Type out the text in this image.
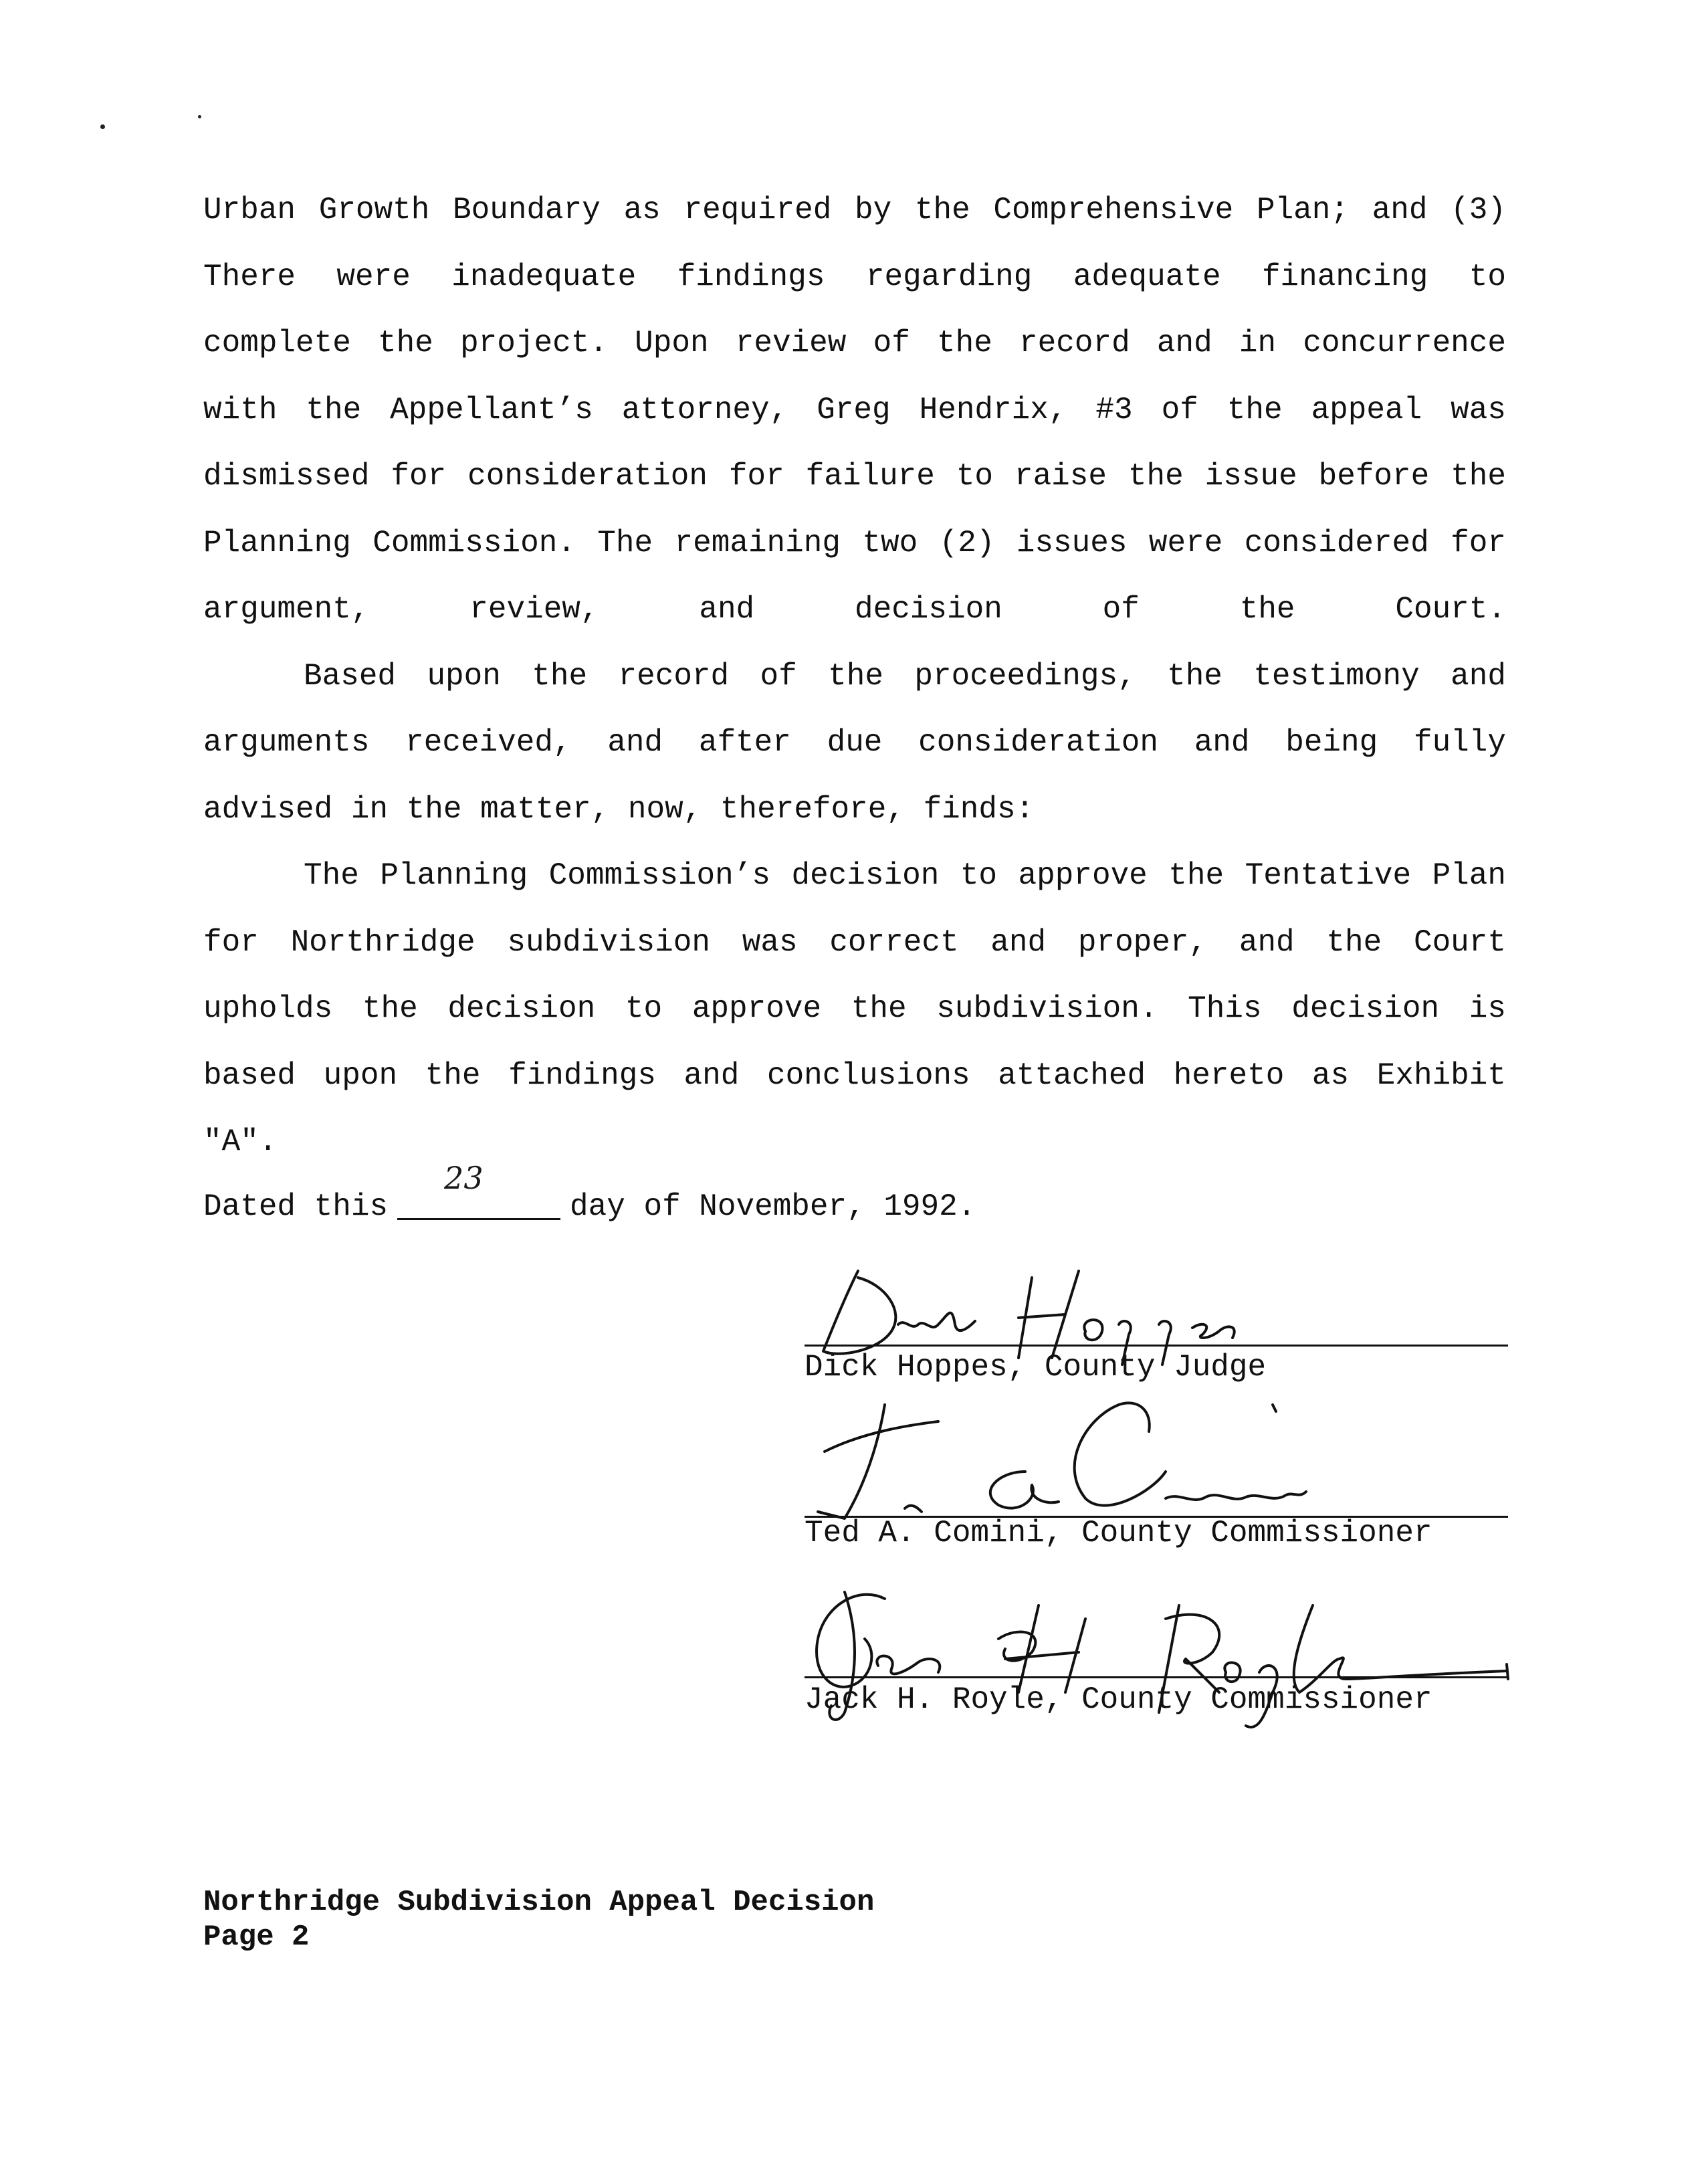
Urban Growth Boundary as required by the Comprehensive Plan; and (3) There were inadequate findings regarding adequate financing to complete the project. Upon review of the record and in concurrence with the Appellant’s attorney, Greg Hendrix, #3 of the appeal was dismissed for consideration for failure to raise the issue before the Planning Commission. The remaining two (2) issues were considered for argument, review, and decision of the Court.

Based upon the record of the proceedings, the testimony and arguments received, and after due consideration and being fully advised in the matter, now, therefore, finds:

The Planning Commission’s decision to approve the Tentative Plan for Northridge subdivision was correct and proper, and the Court upholds the decision to approve the subdivision. This decision is based upon the findings and conclusions attached hereto as Exhibit "A".

Dated this
23
day of November, 1992.
Dick Hoppes, County Judge
Ted A. Comini, County Commissioner
Jack H. Royle, County Commissioner
Northridge Subdivision Appeal Decision
Page 2
